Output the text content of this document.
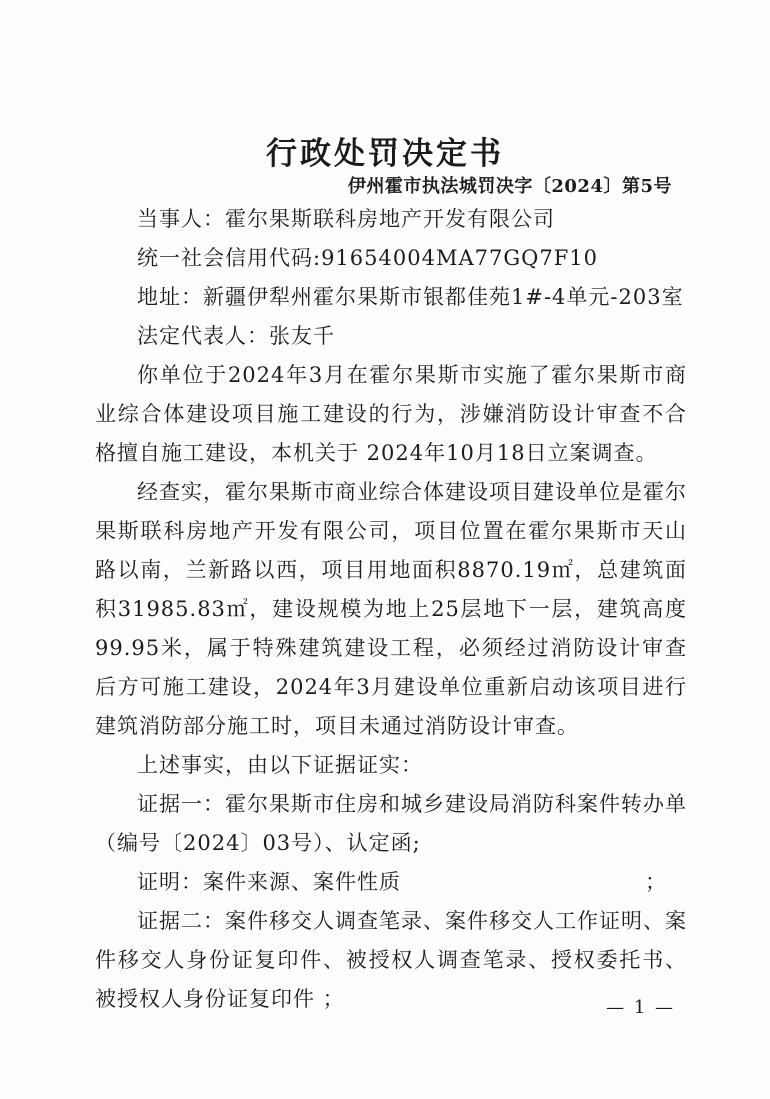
行政处罚决定书
伊州霍市执法城罚决字〔2024〕第5号

当事人：霍尔果斯联科房地产开发有限公司

统一社会信用代码:91654004MA77GQ7F10

地址：新疆伊犁州霍尔果斯市银都佳苑1#-4单元-203室

法定代表人：张友千

你单位于2024年3月在霍尔果斯市实施了霍尔果斯市商业综合体建设项目施工建设的行为，涉嫌消防设计审查不合格擅自施工建设，本机关于 2024年10月18日立案调查。

经查实，霍尔果斯市商业综合体建设项目建设单位是霍尔果斯联科房地产开发有限公司，项目位置在霍尔果斯市天山路以南，兰新路以西，项目用地面积8870.19㎡，总建筑面积31985.83㎡，建设规模为地上25层地下一层，建筑高度99.95米，属于特殊建筑建设工程，必须经过消防设计审查后方可施工建设，2024年3月建设单位重新启动该项目进行建筑消防部分施工时，项目未通过消防设计审查。

上述事实，由以下证据证实：

证据一：霍尔果斯市住房和城乡建设局消防科案件转办单（编号〔2024〕03号）、认定函;

证明：案件来源、案件性质	；

证据二：案件移交人调查笔录、案件移交人工作证明、案件移交人身份证复印件、被授权人调查笔录、授权委托书、被授权人身份证复印件 ；	— 1 —
